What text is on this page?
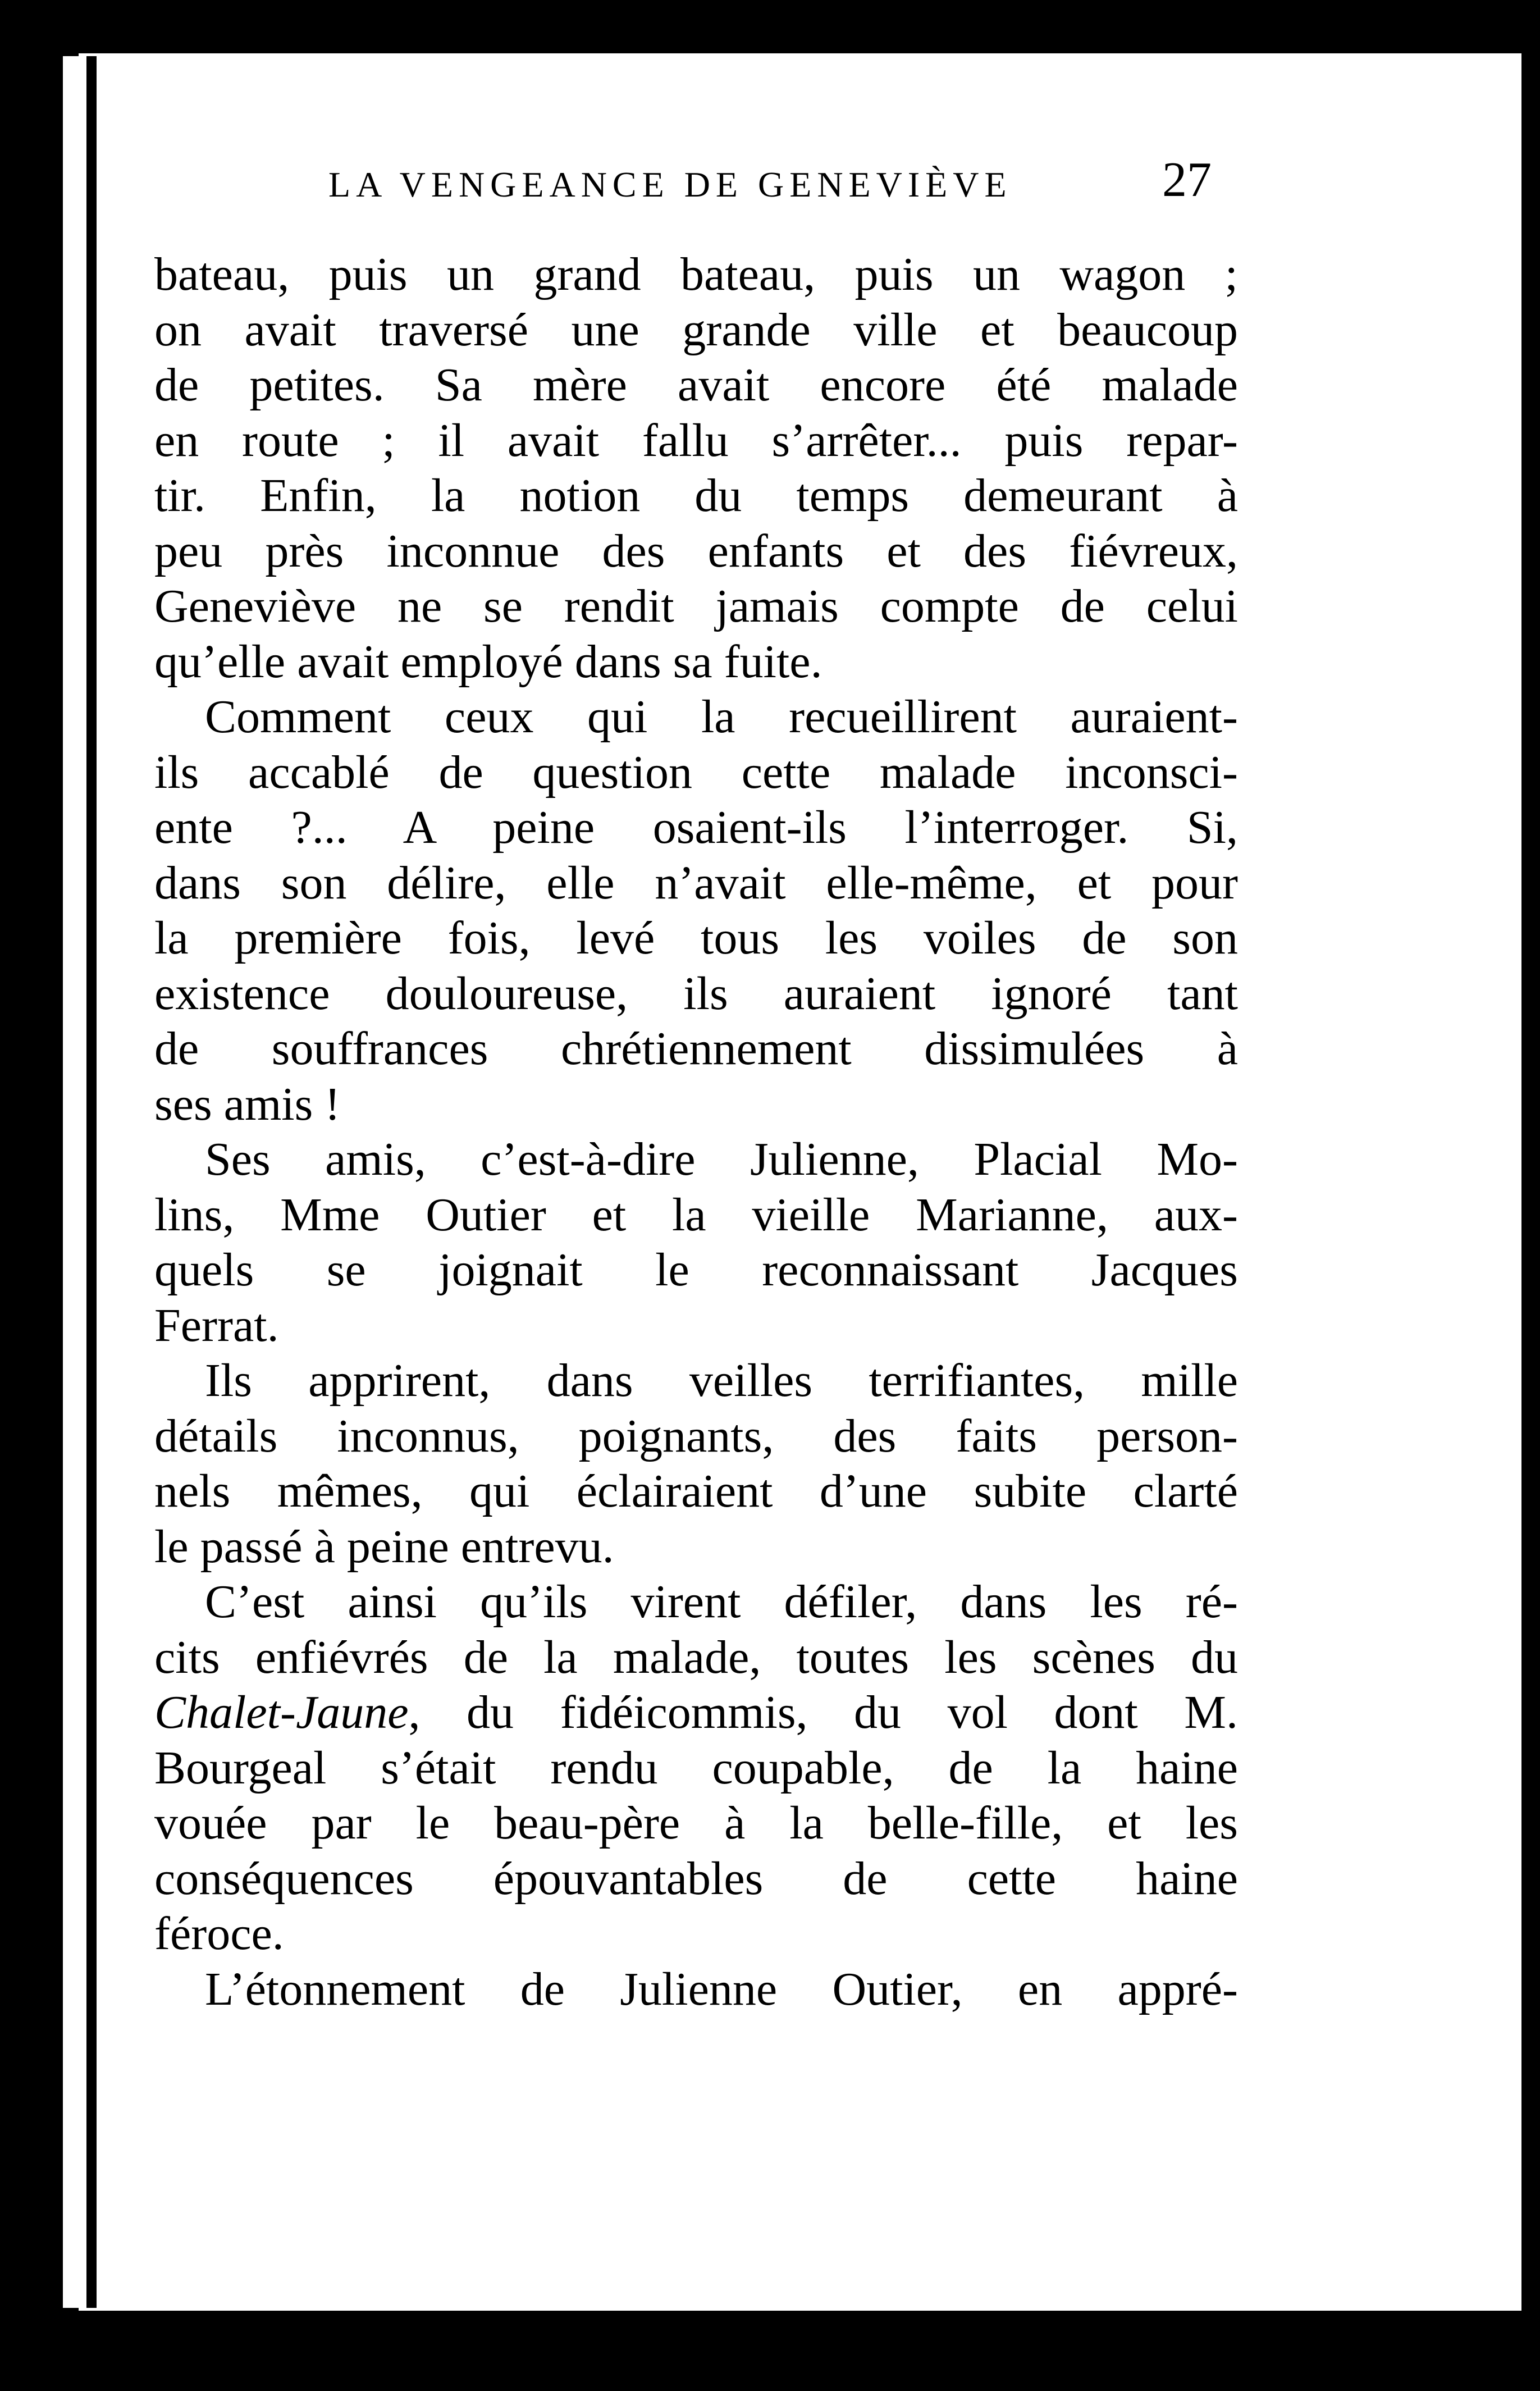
LA VENGEANCE DE GENEVIÈVE	27
bateau, puis un grand bateau, puis un wagon ;
on avait traversé une grande ville et beaucoup
de petites. Sa mère avait encore été malade
en route ; il avait fallu s’arrêter... puis repar-
tir. Enfin, la notion du temps demeurant à
peu près inconnue des enfants et des fiévreux,
Geneviève ne se rendit jamais compte de celui
qu’elle avait employé dans sa fuite.
Comment ceux qui la recueillirent auraient-
ils accablé de question cette malade inconsci-
ente ?... A peine osaient-ils l’interroger. Si,
dans son délire, elle n’avait elle-même, et pour
la première fois, levé tous les voiles de son
existence douloureuse, ils auraient ignoré tant
de souffrances chrétiennement dissimulées à
ses amis !
Ses amis, c’est-à-dire Julienne, Placial Mo-
lins, Mme Outier et la vieille Marianne, aux-
quels se joignait le reconnaissant Jacques
Ferrat.
Ils apprirent, dans veilles terrifiantes, mille
détails inconnus, poignants, des faits person-
nels mêmes, qui éclairaient d’une subite clarté
le passé à peine entrevu.
C’est ainsi qu’ils virent défiler, dans les ré-
cits enfiévrés de la malade, toutes les scènes du
Chalet-Jaune, du fidéicommis, du vol dont M.
Bourgeal s’était rendu coupable, de la haine
vouée par le beau-père à la belle-fille, et les
conséquences épouvantables de cette haine
féroce.
L’étonnement de Julienne Outier, en appré-
